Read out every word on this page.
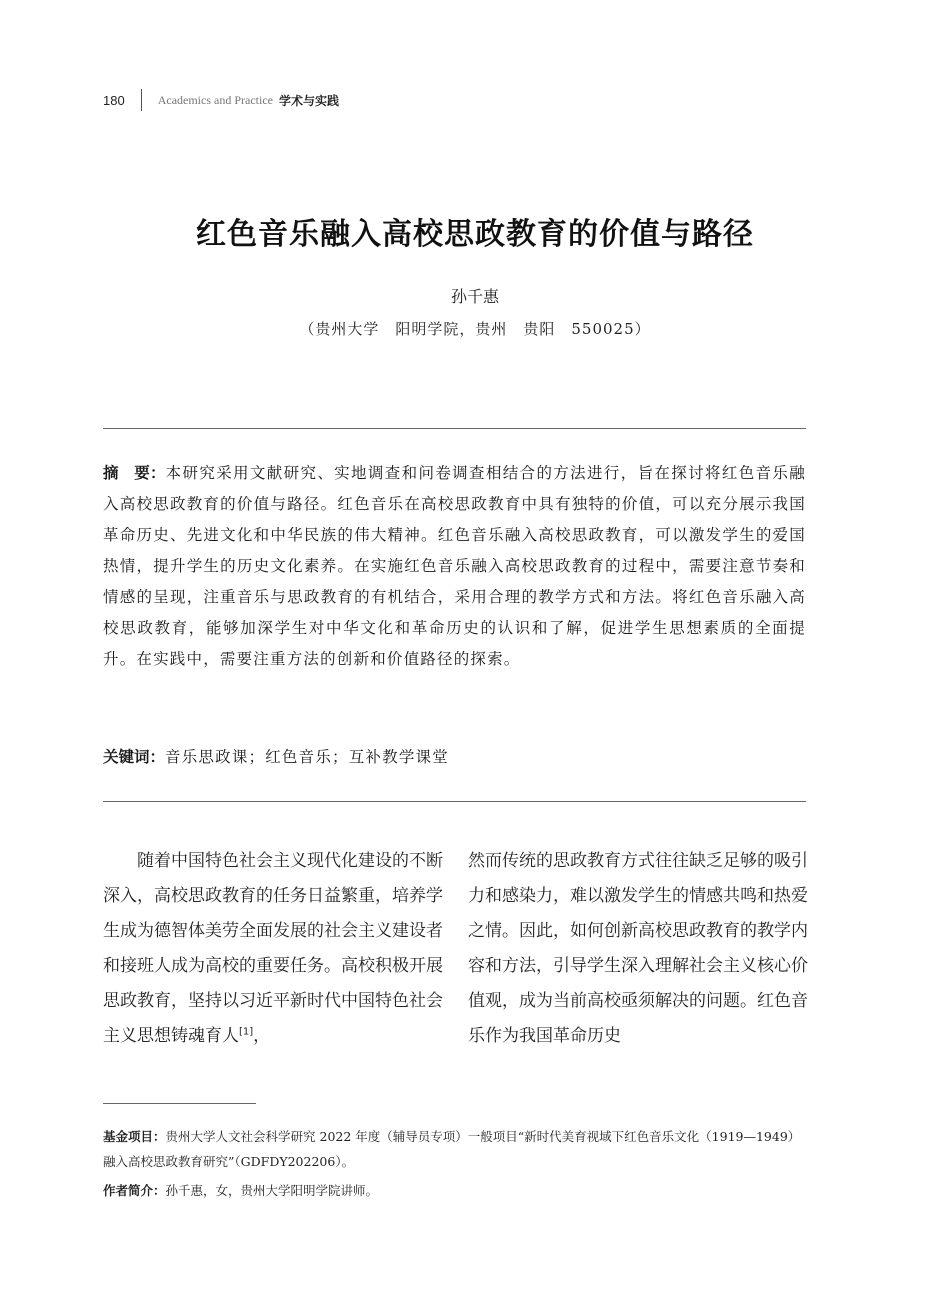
180	Academics and Practice 学术与实践
红色音乐融入高校思政教育的价值与路径
孙千惠
（贵州大学　阳明学院，贵州　贵阳　550025）

摘　要：本研究采用文献研究、实地调查和问卷调查相结合的方法进行，旨在探讨将红色音乐融入高校思政教育的价值与路径。红色音乐在高校思政教育中具有独特的价值，可以充分展示我国革命历史、先进文化和中华民族的伟大精神。红色音乐融入高校思政教育，可以激发学生的爱国热情，提升学生的历史文化素养。在实施红色音乐融入高校思政教育的过程中，需要注意节奏和情感的呈现，注重音乐与思政教育的有机结合，采用合理的教学方式和方法。将红色音乐融入高校思政教育，能够加深学生对中华文化和革命历史的认识和了解，促进学生思想素质的全面提升。在实践中，需要注重方法的创新和价值路径的探索。

关键词：音乐思政课；红色音乐；互补教学课堂

随着中国特色社会主义现代化建设的不断深入，高校思政教育的任务日益繁重，培养学生成为德智体美劳全面发展的社会主义建设者和接班人成为高校的重要任务。高校积极开展思政教育，坚持以习近平新时代中国特色社会主义思想铸魂育人[1]，

然而传统的思政教育方式往往缺乏足够的吸引力和感染力，难以激发学生的情感共鸣和热爱之情。因此，如何创新高校思政教育的教学内容和方法，引导学生深入理解社会主义核心价值观，成为当前高校亟须解决的问题。红色音乐作为我国革命历史

基金项目：贵州大学人文社会科学研究 2022 年度（辅导员专项）一般项目“新时代美育视域下红色音乐文化（1919—1949）融入高校思政教育研究”（GDFDY202206）。

作者简介：孙千惠，女，贵州大学阳明学院讲师。
